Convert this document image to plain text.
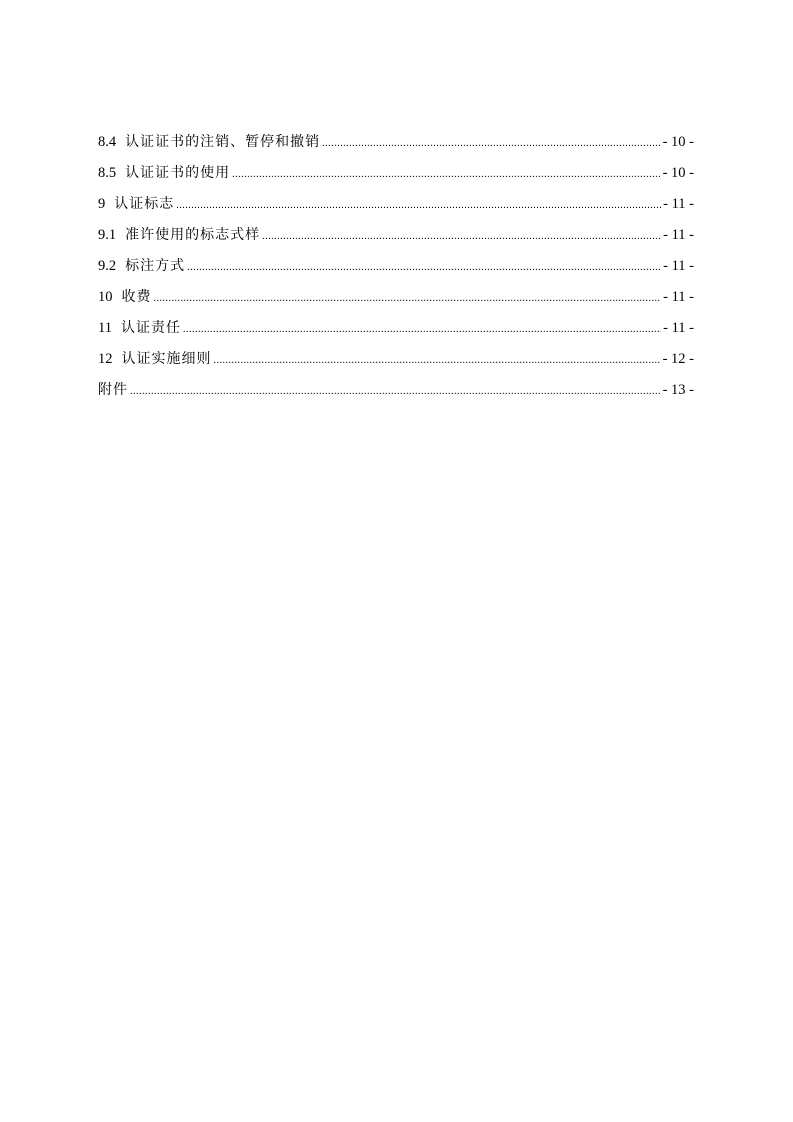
8.4 认证证书的注销、暂停和撤销 .....	- 10 -
8.5 认证证书的使用 .....	- 10 -
9 认证标志 .....	- 11 -
9.1 准许使用的标志式样 .....	- 11 -
9.2 标注方式 .....	- 11 -
10 收费 .....	- 11 -
11 认证责任 .....	- 11 -
12 认证实施细则 .....	- 12 -
附件 .....	- 13 -
